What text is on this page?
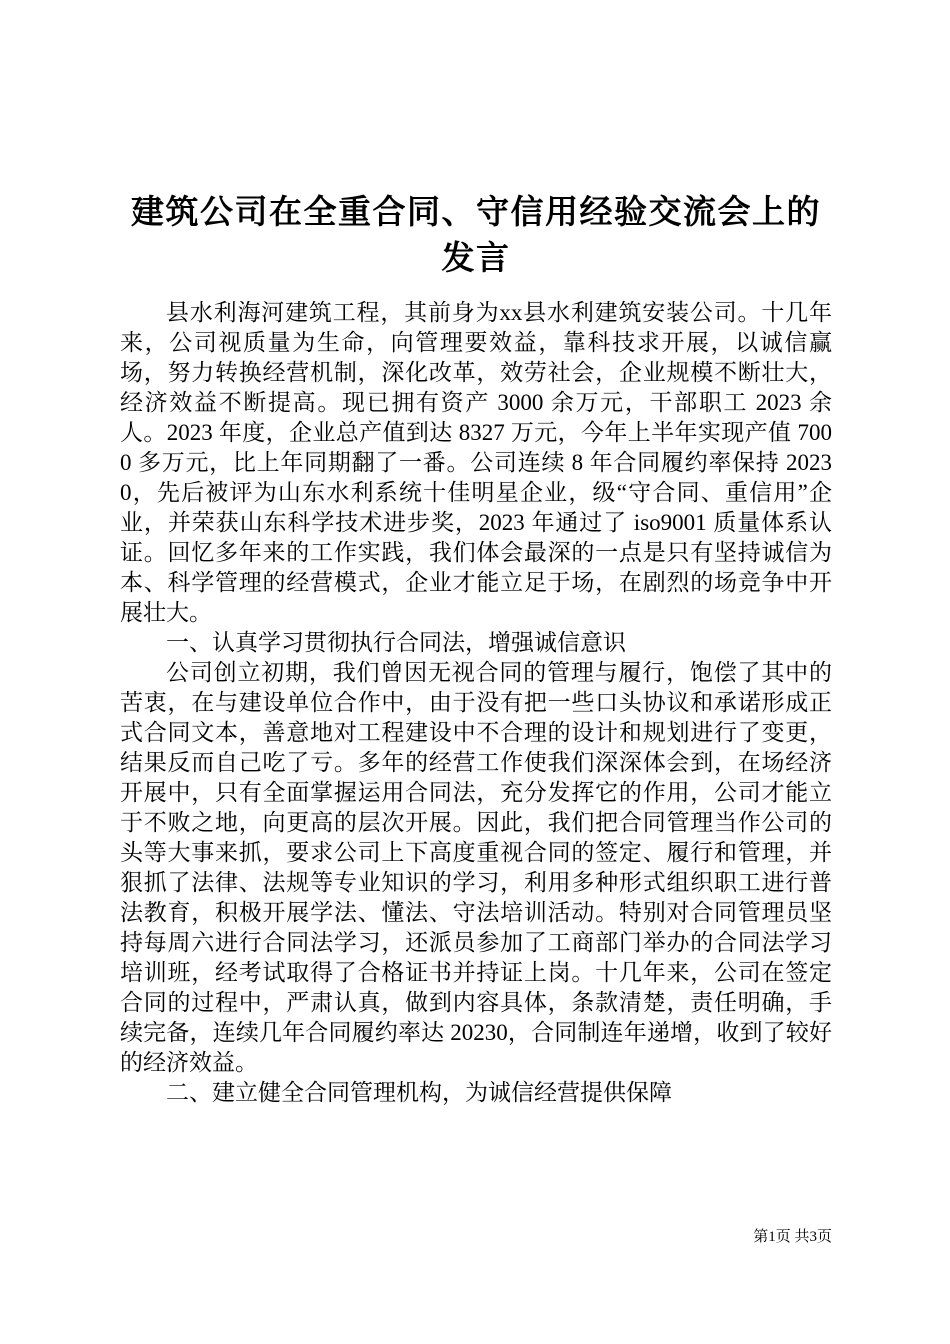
建筑公司在全重合同、守信用经验交流会上的发言

县水利海河建筑工程，其前身为xx县水利建筑安装公司。十几年来，公司视质量为生命，向管理要效益，靠科技求开展，以诚信赢场，努力转换经营机制，深化改革，效劳社会，企业规模不断壮大，经济效益不断提高。现已拥有资产 3000 余万元，干部职工 2023 余人。2023 年度，企业总产值到达 8327 万元，今年上半年实现产值 7000 多万元，比上年同期翻了一番。公司连续 8 年合同履约率保持 20230，先后被评为山东水利系统十佳明星企业，级“守合同、重信用”企业，并荣获山东科学技术进步奖，2023 年通过了 iso9001 质量体系认证。回忆多年来的工作实践，我们体会最深的一点是只有坚持诚信为本、科学管理的经营模式，企业才能立足于场，在剧烈的场竞争中开展壮大。

一、认真学习贯彻执行合同法，增强诚信意识

公司创立初期，我们曾因无视合同的管理与履行，饱偿了其中的苦衷，在与建设单位合作中，由于没有把一些口头协议和承诺形成正式合同文本，善意地对工程建设中不合理的设计和规划进行了变更，结果反而自己吃了亏。多年的经营工作使我们深深体会到，在场经济开展中，只有全面掌握运用合同法，充分发挥它的作用，公司才能立于不败之地，向更高的层次开展。因此，我们把合同管理当作公司的头等大事来抓，要求公司上下高度重视合同的签定、履行和管理，并狠抓了法律、法规等专业知识的学习，利用多种形式组织职工进行普法教育，积极开展学法、懂法、守法培训活动。特别对合同管理员坚持每周六进行合同法学习，还派员参加了工商部门举办的合同法学习培训班，经考试取得了合格证书并持证上岗。十几年来，公司在签定合同的过程中，严肃认真，做到内容具体，条款清楚，责任明确，手续完备，连续几年合同履约率达 20230，合同制连年递增，收到了较好的经济效益。

二、建立健全合同管理机构，为诚信经营提供保障

第1页 共3页
